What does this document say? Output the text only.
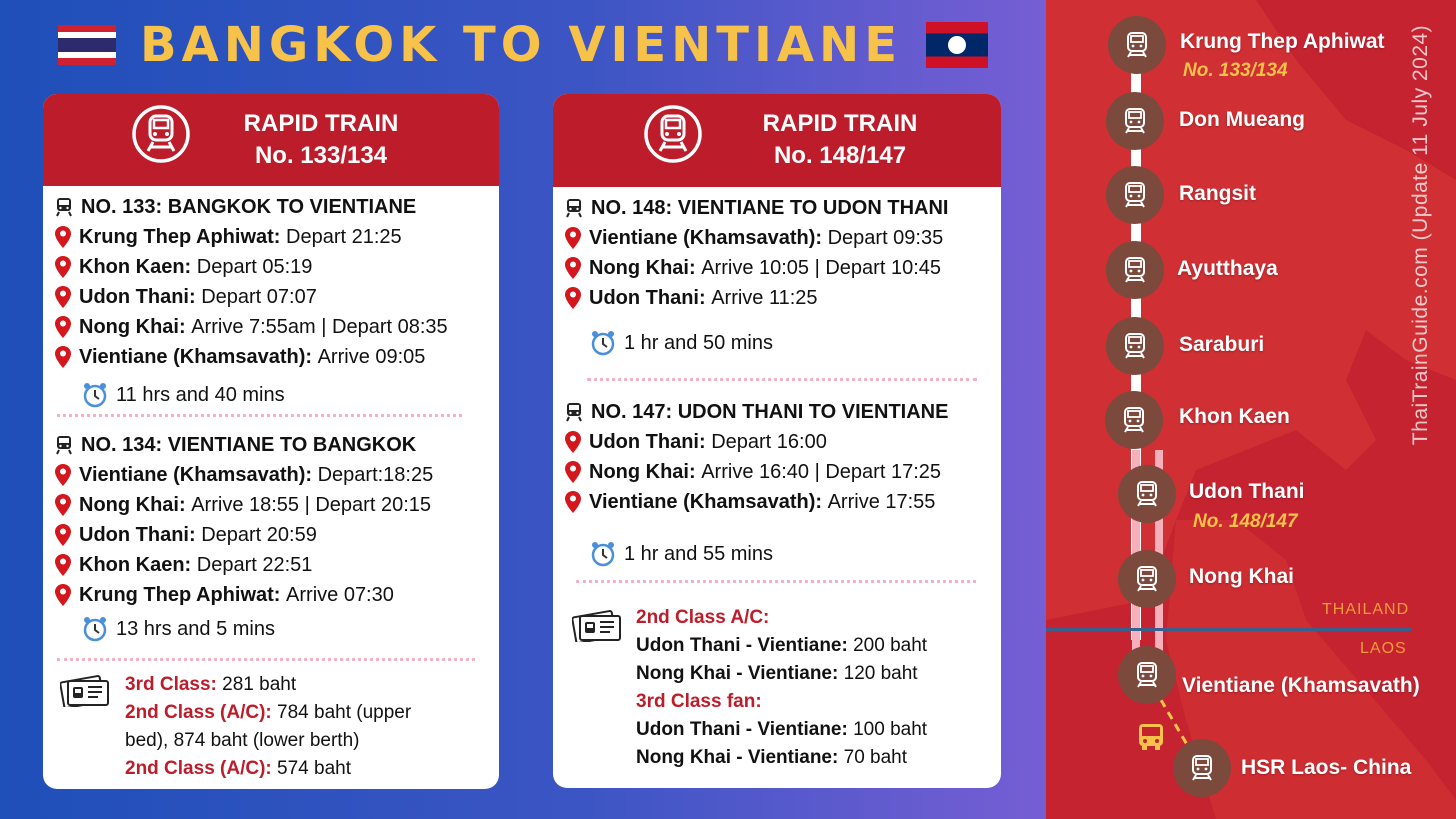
BANGKOK TO VIENTIANE
RAPID TRAIN
No. 133/134
NO. 133: BANGKOK TO VIENTIANE
Krung Thep Aphiwat:
Depart 21:25
Khon Kaen:
Depart 05:19
Udon Thani:
Depart 07:07
Nong Khai:
Arrive 7:55am | Depart 08:35
Vientiane (Khamsavath):
Arrive 09:05
11 hrs and 40 mins
NO. 134: VIENTIANE TO BANGKOK
Vientiane (Khamsavath):
Depart:18:25
Nong Khai:
Arrive 18:55 | Depart 20:15
Udon Thani:
Depart 20:59
Khon Kaen:
Depart 22:51
Krung Thep Aphiwat:
Arrive 07:30
13 hrs and 5 mins
3rd Class: 281 baht
2nd Class (A/C): 784 baht (upper
bed), 874 baht (lower berth)
2nd Class (A/C): 574 baht
RAPID TRAIN
No. 148/147
NO. 148: VIENTIANE TO UDON THANI
Vientiane (Khamsavath):
Depart 09:35
Nong Khai:
Arrive 10:05 | Depart 10:45
Udon Thani:
Arrive 11:25
1 hr and 50 mins
NO. 147: UDON THANI TO VIENTIANE
Udon Thani:
Depart 16:00
Nong Khai:
Arrive 16:40 | Depart 17:25
Vientiane (Khamsavath):
Arrive 17:55
1 hr and 55 mins
2nd Class A/C:
Udon Thani - Vientiane: 200 baht
Nong Khai - Vientiane: 120 baht
3rd Class fan:
Udon Thani - Vientiane: 100 baht
Nong Khai - Vientiane: 70 baht
THAILAND
LAOS
Krung Thep Aphiwat
No. 133/134
Don Mueang
Rangsit
Ayutthaya
Saraburi
Khon Kaen
Udon Thani
No. 148/147
Nong Khai
Vientiane (Khamsavath)
HSR Laos- China
ThaiTrainGuide.com (Update 11 July 2024)
